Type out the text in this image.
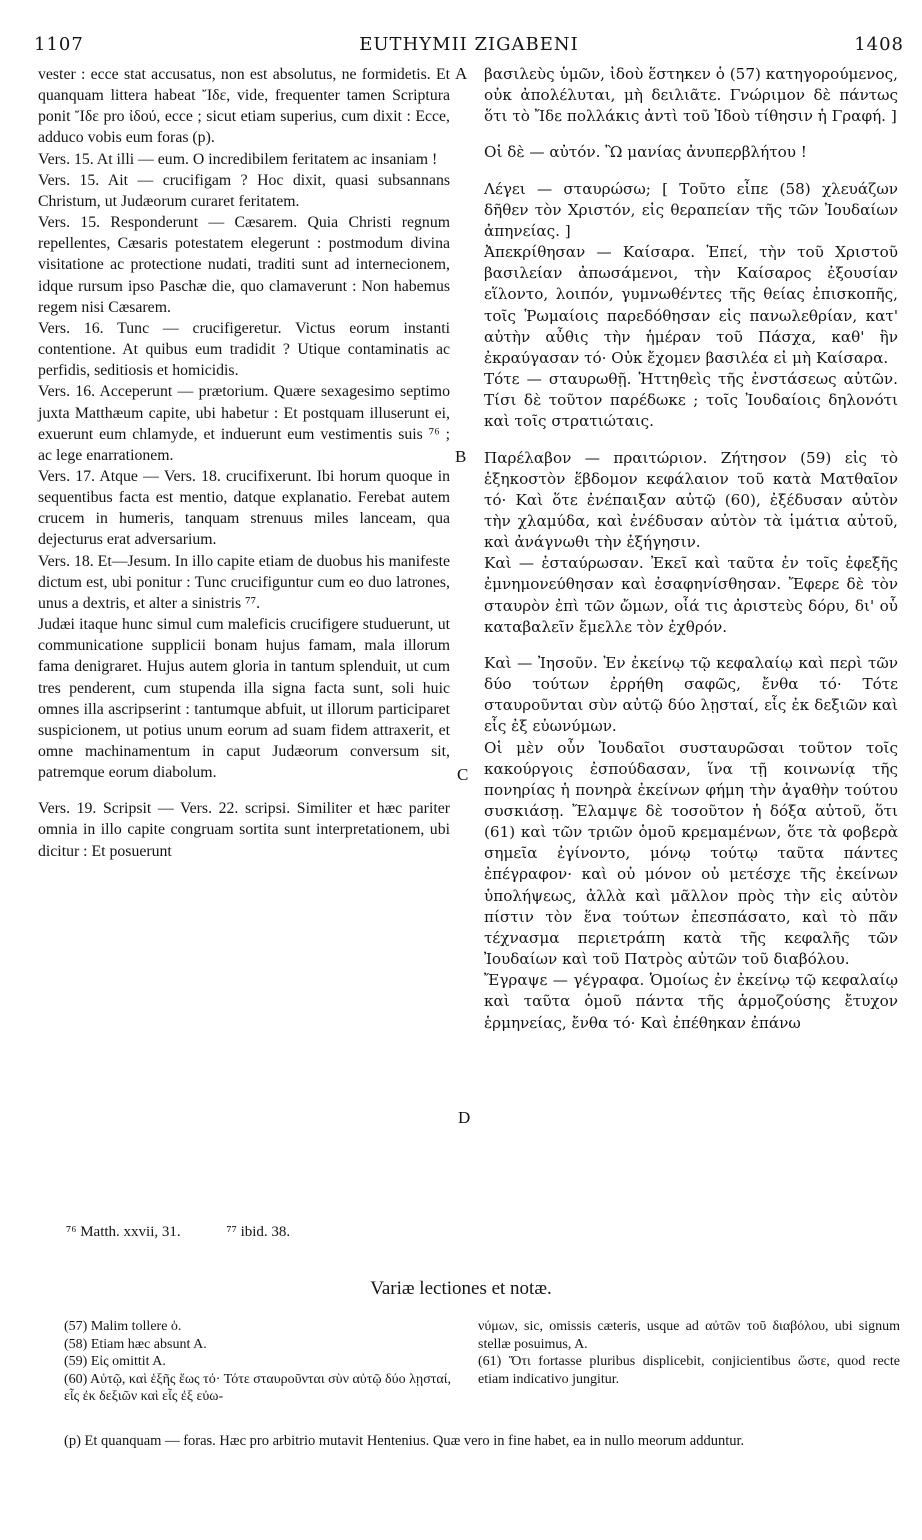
1107	EUTHYMII ZIGABENI	1408

vester : ecce stat accusatus, non est absolutus, ne formidetis. Et quanquam littera habeat Ἴδε, vide, frequenter tamen Scriptura ponit Ἴδε pro ἰδού, ecce ; sicut etiam superius, cum dixit : Ecce, adduco vobis eum foras (p).

Vers. 15. At illi — eum. O incredibilem feritatem ac insaniam !

Vers. 15. Ait — crucifigam ? Hoc dixit, quasi subsannans Christum, ut Judæorum curaret feritatem.

Vers. 15. Responderunt — Cæsarem. Quia Christi regnum repellentes, Cæsaris potestatem elegerunt : postmodum divina visitatione ac protectione nudati, traditi sunt ad internecionem, idque rursum ipso Paschæ die, quo clamaverunt : Non habemus regem nisi Cæsarem.

Vers. 16. Tunc — crucifigeretur. Victus eorum instanti contentione. At quibus eum tradidit ? Utique contaminatis ac perfidis, seditiosis et homicidis.

Vers. 16. Acceperunt — prætorium. Quære sexagesimo septimo juxta Matthæum capite, ubi habetur : Et postquam illuserunt ei, exuerunt eum chlamyde, et induerunt eum vestimentis suis ⁷⁶ ; ac lege enarrationem.

Vers. 17. Atque — Vers. 18. crucifixerunt. Ibi horum quoque in sequentibus facta est mentio, datque explanatio. Ferebat autem crucem in humeris, tanquam strenuus miles lanceam, qua dejecturus erat adversarium.

Vers. 18. Et—Jesum. In illo capite etiam de duobus his manifeste dictum est, ubi ponitur : Tunc crucifiguntur cum eo duo latrones, unus a dextris, et alter a sinistris ⁷⁷.

Judæi itaque hunc simul cum maleficis crucifigere studuerunt, ut communicatione supplicii bonam hujus famam, mala illorum fama denigraret. Hujus autem gloria in tantum splenduit, ut cum tres penderent, cum stupenda illa signa facta sunt, soli huic omnes illa ascripserint : tantumque abfuit, ut illorum participaret suspicionem, ut potius unum eorum ad suam fidem attraxerit, et omne machinamentum in caput Judæorum conversum sit, patremque eorum diabolum.

Vers. 19. Scripsit — Vers. 22. scripsi. Similiter et hæc pariter omnia in illo capite congruam sortita sunt interpretationem, ubi dicitur : Et posuerunt

A
B
C
D

βασιλεὺς ὑμῶν, ἰδοὺ ἕστηκεν ὁ (57) κατηγορούμενος, οὐκ ἀπολέλυται, μὴ δειλιᾶτε. Γνώριμον δὲ πάντως ὅτι τὸ Ἴδε πολλάκις ἀντὶ τοῦ Ἰδοὺ τίθησιν ἡ Γραφή. ]

Οἱ δὲ — αὐτόν. Ὢ μανίας ἀνυπερβλήτου !

Λέγει — σταυρώσω; [ Τοῦτο εἶπε (58) χλευάζων δῆθεν τὸν Χριστόν, εἰς θεραπείαν τῆς τῶν Ἰουδαίων ἀπηνείας. ]

Ἀπεκρίθησαν — Καίσαρα. Ἐπεί, τὴν τοῦ Χριστοῦ βασιλείαν ἀπωσάμενοι, τὴν Καίσαρος ἐξουσίαν εἵλοντο, λοιπόν, γυμνωθέντες τῆς θείας ἐπισκοπῆς, τοῖς Ῥωμαίοις παρεδόθησαν εἰς πανωλεθρίαν, κατ' αὐτὴν αὖθις τὴν ἡμέραν τοῦ Πάσχα, καθ' ἣν ἐκραύγασαν τό· Οὐκ ἔχομεν βασιλέα εἰ μὴ Καίσαρα.

Τότε — σταυρωθῇ. Ἡττηθεὶς τῆς ἐνστάσεως αὐτῶν. Τίσι δὲ τοῦτον παρέδωκε ; τοῖς Ἰουδαίοις δηλονότι καὶ τοῖς στρατιώταις.

Παρέλαβον — πραιτώριον. Ζήτησον (59) εἰς τὸ ἑξηκοστὸν ἕβδομον κεφάλαιον τοῦ κατὰ Ματθαῖον τό· Καὶ ὅτε ἐνέπαιξαν αὐτῷ (60), ἐξέδυσαν αὐτὸν τὴν χλαμύδα, καὶ ἐνέδυσαν αὐτὸν τὰ ἱμάτια αὐτοῦ, καὶ ἀνάγνωθι τὴν ἐξήγησιν.

Καὶ — ἐσταύρωσαν. Ἐκεῖ καὶ ταῦτα ἐν τοῖς ἐφεξῆς ἐμνημονεύθησαν καὶ ἐσαφηνίσθησαν. Ἔφερε δὲ τὸν σταυρὸν ἐπὶ τῶν ὤμων, οἷά τις ἀριστεὺς δόρυ, δι' οὗ καταβαλεῖν ἔμελλε τὸν ἐχθρόν.

Καὶ — Ἰησοῦν. Ἐν ἐκείνῳ τῷ κεφαλαίῳ καὶ περὶ τῶν δύο τούτων ἐρρήθη σαφῶς, ἔνθα τό· Τότε σταυροῦνται σὺν αὐτῷ δύο λῃσταί, εἷς ἐκ δεξιῶν καὶ εἷς ἐξ εὐωνύμων.

Οἱ μὲν οὖν Ἰουδαῖοι συσταυρῶσαι τοῦτον τοῖς κακούργοις ἐσπούδασαν, ἵνα τῇ κοινωνίᾳ τῆς πονηρίας ἡ πονηρὰ ἐκείνων φήμη τὴν ἀγαθὴν τούτου συσκιάσῃ. Ἔλαμψε δὲ τοσοῦτον ἡ δόξα αὐτοῦ, ὅτι (61) καὶ τῶν τριῶν ὁμοῦ κρεμαμένων, ὅτε τὰ φοβερὰ σημεῖα ἐγίνοντο, μόνῳ τούτῳ ταῦτα πάντες ἐπέγραφον· καὶ οὐ μόνον οὐ μετέσχε τῆς ἐκείνων ὑπολήψεως, ἀλλὰ καὶ μᾶλλον πρὸς τὴν εἰς αὐτὸν πίστιν τὸν ἕνα τούτων ἐπεσπάσατο, καὶ τὸ πᾶν τέχνασμα περιετράπη κατὰ τῆς κεφαλῆς τῶν Ἰουδαίων καὶ τοῦ Πατρὸς αὐτῶν τοῦ διαβόλου.

Ἔγραψε — γέγραφα. Ὁμοίως ἐν ἐκείνῳ τῷ κεφαλαίῳ καὶ ταῦτα ὁμοῦ πάντα τῆς ἁρμοζούσης ἔτυχον ἑρμηνείας, ἔνθα τό· Καὶ ἐπέθηκαν ἐπάνω

⁷⁶ Matth. xxvii, 31.	⁷⁷ ibid. 38.
Variæ lectiones et notæ.

(57) Malim tollere ὁ.

(58) Etiam hæc absunt A.

(59) Εἰς omittit A.

(60) Αὐτῷ, καὶ ἑξῆς ἕως τό· Τότε σταυροῦνται σὺν αὐτῷ δύο λῃσταί, εἷς ἐκ δεξιῶν καὶ εἷς ἐξ εὐω-

νύμων, sic, omissis cæteris, usque ad αὐτῶν τοῦ διαβόλου, ubi signum stellæ posuimus, A.

(61) Ὅτι fortasse pluribus displicebit, conjicientibus ὥστε, quod recte etiam indicativo jungitur.

(p) Et quanquam — foras. Hæc pro arbitrio mutavit Hentenius. Quæ vero in fine habet, ea in nullo meorum adduntur.
